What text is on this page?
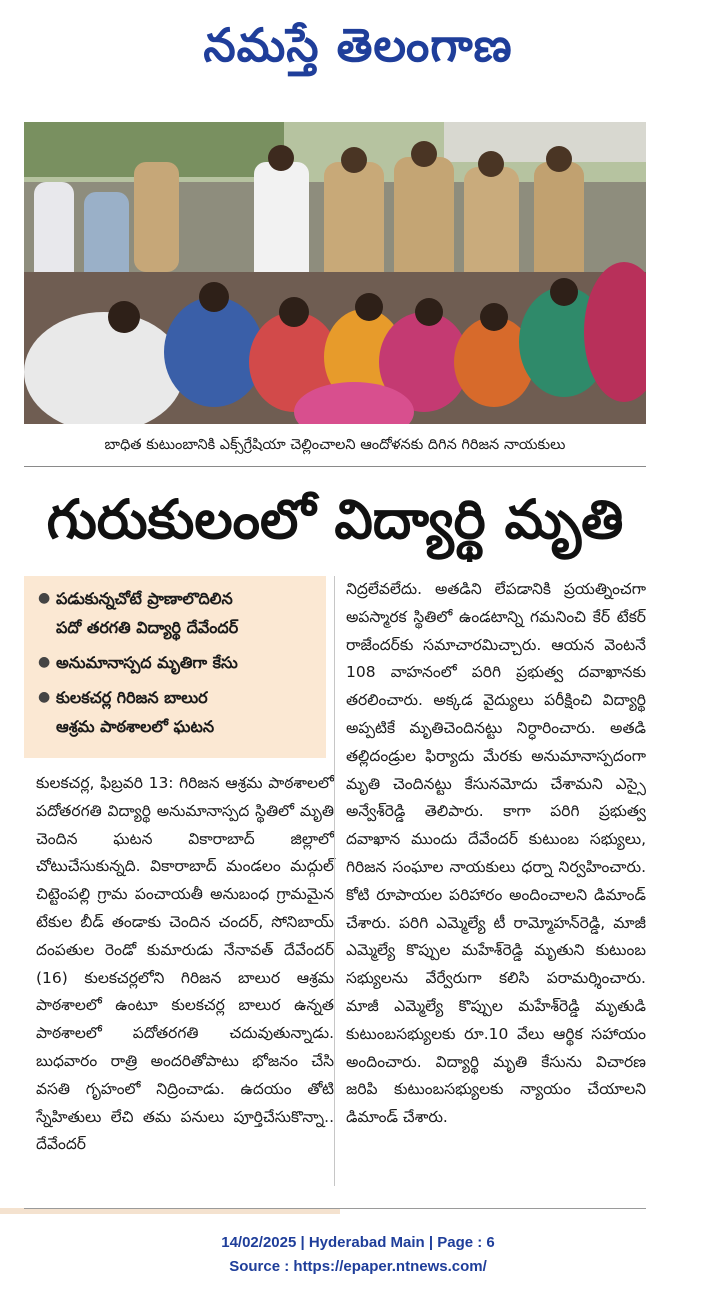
నమస్తే తెలంగాణ
బాధిత కుటుంబానికి ఎక్స్‌గ్రేషియా చెల్లించాలని ఆందోళనకు దిగిన గిరిజన నాయకులు
గురుకులంలో విద్యార్థి మృతి
● పడుకున్నచోటే ప్రాణాలొదిలిన
పదో తరగతి విద్యార్థి దేవేందర్
● అనుమానాస్పద మృతిగా కేసు
● కులకచర్ల గిరిజన బాలుర
ఆశ్రమ పాఠశాలలో ఘటన
కులకచర్ల, ఫిబ్రవరి 13: గిరిజన ఆశ్రమ పాఠశాలలో పదోతరగతి విద్యార్థి అనుమానాస్పద స్థితిలో మృతి చెందిన ఘటన వికారాబాద్ జిల్లాలో చోటుచేసుకున్నది. వికారాబాద్ మండలం మద్గుల్ చిట్టెంపల్లి గ్రామ పంచాయతీ అనుబంధ గ్రామమైన టేకుల బీడ్ తండాకు చెందిన చందర్, సోనిబాయ్ దంపతుల రెండో కుమారుడు నేనావత్ దేవేందర్ (16) కులకచర్లలోని గిరిజన బాలుర ఆశ్రమ పాఠశాలలో ఉంటూ కులకచర్ల బాలుర ఉన్నత పాఠశాలలో పదోతరగతి చదువుతున్నాడు. బుధవారం రాత్రి అందరితోపాటు భోజనం చేసి వసతి గృహంలో నిద్రించాడు. ఉదయం తోటి స్నేహితులు లేచి తమ పనులు పూర్తిచేసుకొన్నా.. దేవేందర్
నిద్రలేవలేదు. అతడిని లేపడానికి ప్రయత్నించగా అపస్మారక స్థితిలో ఉండటాన్ని గమనించి కేర్ టేకర్ రాజేందర్‌కు సమాచారమిచ్చారు. ఆయన వెంటనే 108 వాహనంలో పరిగి ప్రభుత్వ దవాఖానకు తరలించారు. అక్కడ వైద్యులు పరీక్షించి విద్యార్థి అప్పటికే మృతిచెందినట్టు నిర్ధారించారు. అతడి తల్లిదండ్రుల ఫిర్యాదు మేరకు అనుమానాస్పదంగా మృతి చెందినట్టు కేసునమోదు చేశామని ఎస్సై అన్వేశ్‌రెడ్డి తెలిపారు. కాగా పరిగి ప్రభుత్వ దవాఖాన ముందు దేవేందర్ కుటుంబ సభ్యులు, గిరిజన సంఘాల నాయకులు ధర్నా నిర్వహించారు. కోటి రూపాయల పరిహారం అందించాలని డిమాండ్ చేశారు. పరిగి ఎమ్మెల్యే టీ రామ్మోహన్‌రెడ్డి, మాజీ ఎమ్మెల్యే కొప్పుల మహేశ్‌రెడ్డి మృతుని కుటుంబ సభ్యులను వేర్వేరుగా కలిసి పరామర్శించారు. మాజీ ఎమ్మెల్యే కొప్పుల మహేశ్‌రెడ్డి మృతుడి కుటుంబసభ్యులకు రూ.10 వేలు ఆర్థిక సహాయం అందించారు. విద్యార్థి మృతి కేసును విచారణ జరిపి కుటుంబసభ్యులకు న్యాయం చేయాలని డిమాండ్ చేశారు.
14/02/2025 | Hyderabad Main | Page : 6
Source : https://epaper.ntnews.com/
